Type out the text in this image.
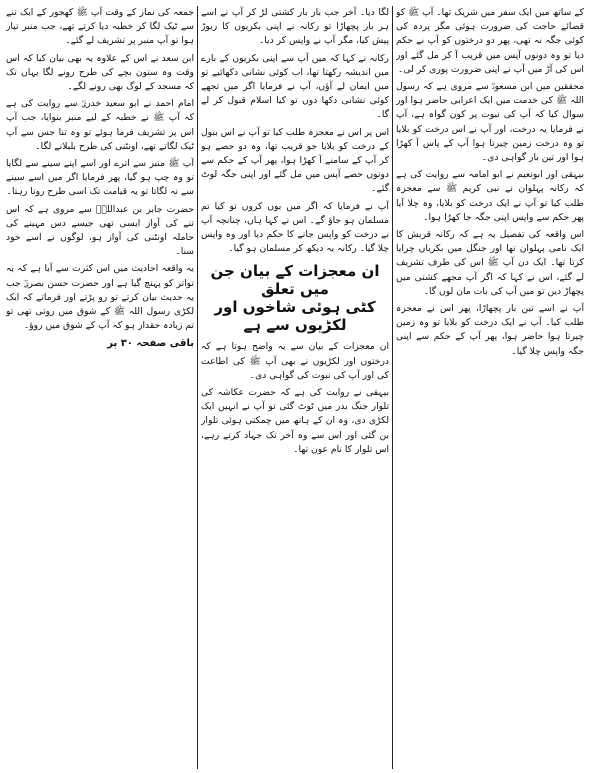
کے ساتھ میں ایک سفر میں شریک تھا۔ آپ ﷺ کو قضائے حاجت کی ضرورت ہوئی مگر پردہ کی کوئی جگہ نہ تھی، پھر دو درختوں کو آپ نے حکم دیا تو وہ دونوں آپس میں قریب آ کر مل گئے اور اس کی آڑ میں آپ نے اپنی ضرورت پوری کر لی۔

محققین میں ابن مسعودؓ سے مروی ہے کہ رسول اللہ ﷺ کی خدمت میں ایک اعرابی حاضر ہوا اور سوال کیا کہ آپ کی نبوت پر کون گواہ ہے، آپ نے فرمایا یہ درخت، اور آپ نے اس درخت کو بلایا تو وہ درخت زمین چیرتا ہوا آپ کے پاس آ کھڑا ہوا اور تین بار گواہی دی۔

بیہقی اور ابونعیم نے ابو امامہ سے روایت کی ہے کہ رکانہ پہلوان نے نبی کریم ﷺ سے معجزہ طلب کیا تو آپ نے ایک درخت کو بلایا، وہ چلا آیا پھر حکم سے واپس اپنی جگہ جا کھڑا ہوا۔

اس واقعہ کی تفصیل یہ ہے کہ رکانہ قریش کا ایک نامی پہلوان تھا اور جنگل میں بکریاں چرایا کرتا تھا۔ ایک دن آپ ﷺ اس کی طرف تشریف لے گئے، اس نے کہا کہ اگر آپ مجھے کشتی میں پچھاڑ دیں تو میں آپ کی بات مان لوں گا۔

آپ نے اسے تین بار پچھاڑا، پھر اس نے معجزہ طلب کیا۔ آپ نے ایک درخت کو بلایا تو وہ زمین چیرتا ہوا حاضر ہوا، پھر آپ کے حکم سے اپنی جگہ واپس چلا گیا۔

لگا دیا۔ آخر جب بار بار کشتی لڑ کر آپ نے اسے ہر بار پچھاڑا تو رکانہ نے اپنی بکریوں کا ریوڑ پیش کیا، مگر آپ نے واپس کر دیا۔

رکانہ نے کہا کہ میں آپ سے اپنی بکریوں کے بارے میں اندیشہ رکھتا تھا، اب کوئی نشانی دکھائیے تو میں ایمان لے آؤں، آپ نے فرمایا اگر میں تجھے کوئی نشانی دکھا دوں تو کیا اسلام قبول کر لے گا۔

اس پر اس نے معجزہ طلب کیا تو آپ نے اس ببول کے درخت کو بلایا جو قریب تھا، وہ دو حصے ہو کر آپ کے سامنے آ کھڑا ہوا، پھر آپ کے حکم سے دونوں حصے آپس میں مل گئے اور اپنی جگہ لوٹ گئے۔

آپ نے فرمایا کہ اگر میں یوں کروں تو کیا تم مسلمان ہو جاؤ گے۔ اس نے کہا ہاں، چنانچہ آپ نے درخت کو واپس جانے کا حکم دیا اور وہ واپس چلا گیا۔ رکانہ یہ دیکھ کر مسلمان ہو گیا۔

ان معجزات کے بیان جن میں تعلق
کٹی ہوئی شاخوں اور لکڑیوں سے ہے

ان معجزات کے بیان سے یہ واضح ہوتا ہے کہ درختوں اور لکڑیوں نے بھی آپ ﷺ کی اطاعت کی اور آپ کی نبوت کی گواہی دی۔

بیہقی نے روایت کی ہے کہ حضرت عکاشہ کی تلوار جنگ بدر میں ٹوٹ گئی تو آپ نے انہیں ایک لکڑی دی، وہ ان کے ہاتھ میں چمکتی ہوئی تلوار بن گئی اور اس سے وہ آخر تک جہاد کرتے رہے، اس تلوار کا نام عون تھا۔

جمعہ کی نماز کے وقت آپ ﷺ کھجور کے ایک تنے سے ٹیک لگا کر خطبہ دیا کرتے تھے، جب منبر تیار ہوا تو آپ منبر پر تشریف لے گئے۔

ابن سعد نے اس کے علاوہ یہ بھی بیان کیا کہ اس وقت وہ ستون بچے کی طرح رونے لگا یہاں تک کہ مسجد کے لوگ بھی رونے لگے۔

امام احمد نے ابو سعید خدریؓ سے روایت کی ہے کہ آپ ﷺ نے خطبہ کے لیے منبر بنوایا، جب آپ اس پر تشریف فرما ہوئے تو وہ تنا جس سے آپ ٹیک لگاتے تھے، اونٹنی کی طرح بلبلانے لگا۔

آپ ﷺ منبر سے اترے اور اسے اپنے سینے سے لگایا تو وہ چپ ہو گیا، پھر فرمایا اگر میں اسے سینے سے نہ لگاتا تو یہ قیامت تک اسی طرح روتا رہتا۔

حضرت جابر بن عبداللہؓ سے مروی ہے کہ اس تنے کی آواز ایسی تھی جیسے دس مہینے کی حاملہ اونٹنی کی آواز ہو، لوگوں نے اسے خود سنا۔

یہ واقعہ احادیث میں اس کثرت سے آیا ہے کہ یہ تواتر کو پہنچ گیا ہے اور حضرت حسن بصریؒ جب یہ حدیث بیان کرتے تو رو پڑتے اور فرماتے کہ ایک لکڑی رسول اللہ ﷺ کے شوق میں روتی تھی تو تم زیادہ حقدار ہو کہ آپ کے شوق میں روؤ۔

باقی صفحہ ۳۰ پر
